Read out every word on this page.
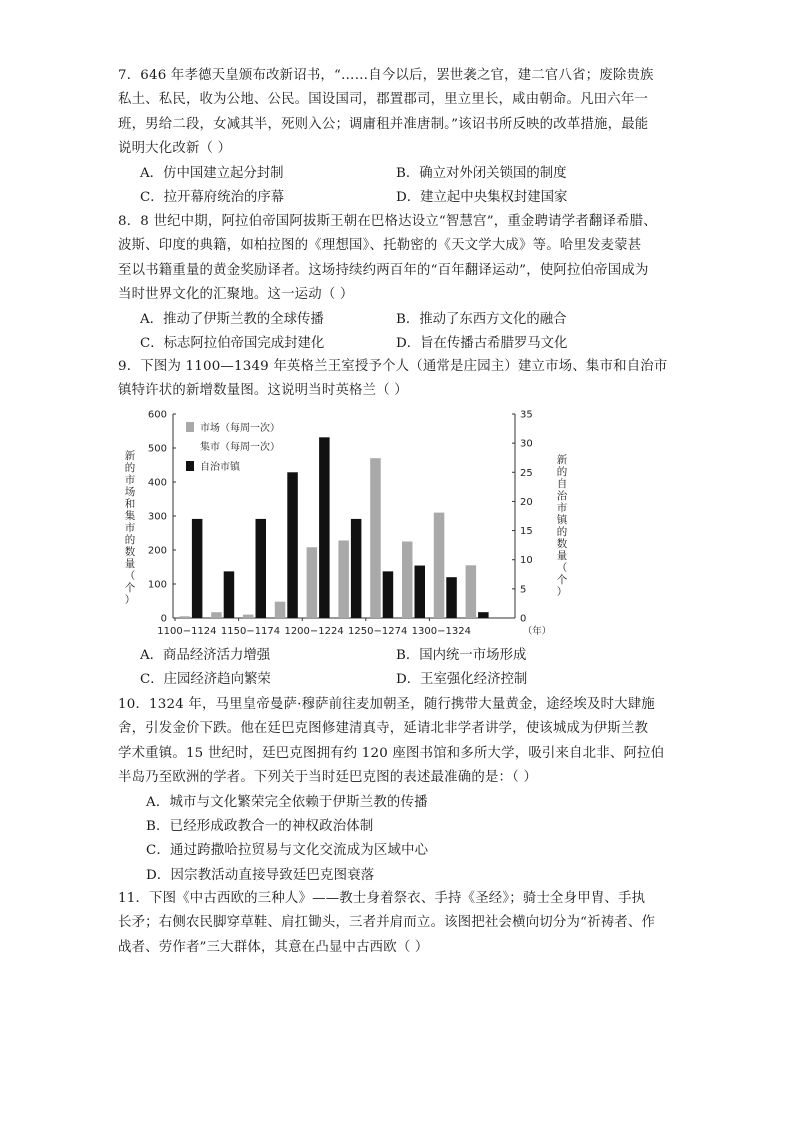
7．646 年孝德天皇颁布改新诏书，“……自今以后，罢世袭之官，建二官八省；废除贵族
私土、私民，收为公地、公民。国设国司，郡置郡司，里立里长，咸由朝命。凡田六年一
班，男给二段，女减其半，死则入公；调庸租并准唐制。”该诏书所反映的改革措施，最能
说明大化改新（ ）
A．仿中国建立起分封制	B．确立对外闭关锁国的制度
C．拉开幕府统治的序幕	D．建立起中央集权封建国家
8．8 世纪中期，阿拉伯帝国阿拔斯王朝在巴格达设立“智慧宫”，重金聘请学者翻译希腊、
波斯、印度的典籍，如柏拉图的《理想国》、托勒密的《天文学大成》等。哈里发麦蒙甚
至以书籍重量的黄金奖励译者。这场持续约两百年的“百年翻译运动”，使阿拉伯帝国成为
当时世界文化的汇聚地。这一运动（ ）
A．推动了伊斯兰教的全球传播	B．推动了东西方文化的融合
C．标志阿拉伯帝国完成封建化	D．旨在传播古希腊罗马文化
9．下图为 1100—1349 年英格兰王室授予个人（通常是庄园主）建立市场、集市和自治市
镇特许状的新增数量图。这说明当时英格兰（ ）
0
100
200
300
400
500
600
0
5
10
15
20
25
30
35
1100−1124 1150−1174 1200−1224 1250−1274 1300−1324	（年）
市场（每周一次）
集市（每周一次）
自治市镇
新
的
市
场
和
集
市
的
数
量
（
个
）
新
的
自
治
市
镇
的
数
量
（
个
）
A．商品经济活力增强	B．国内统一市场形成
C．庄园经济趋向繁荣	D．王室强化经济控制
10．1324 年，马里皇帝曼萨·穆萨前往麦加朝圣，随行携带大量黄金，途经埃及时大肆施
舍，引发金价下跌。他在廷巴克图修建清真寺，延请北非学者讲学，使该城成为伊斯兰教
学术重镇。15 世纪时，廷巴克图拥有约 120 座图书馆和多所大学，吸引来自北非、阿拉伯
半岛乃至欧洲的学者。下列关于当时廷巴克图的表述最准确的是：（ ）
A．城市与文化繁荣完全依赖于伊斯兰教的传播
B．已经形成政教合一的神权政治体制
C．通过跨撒哈拉贸易与文化交流成为区域中心
D．因宗教活动直接导致廷巴克图衰落
11．下图《中古西欧的三种人》——教士身着祭衣、手持《圣经》；骑士全身甲胄、手执
长矛；右侧农民脚穿草鞋、肩扛锄头，三者并肩而立。该图把社会横向切分为“祈祷者、作
战者、劳作者”三大群体，其意在凸显中古西欧（ ）
